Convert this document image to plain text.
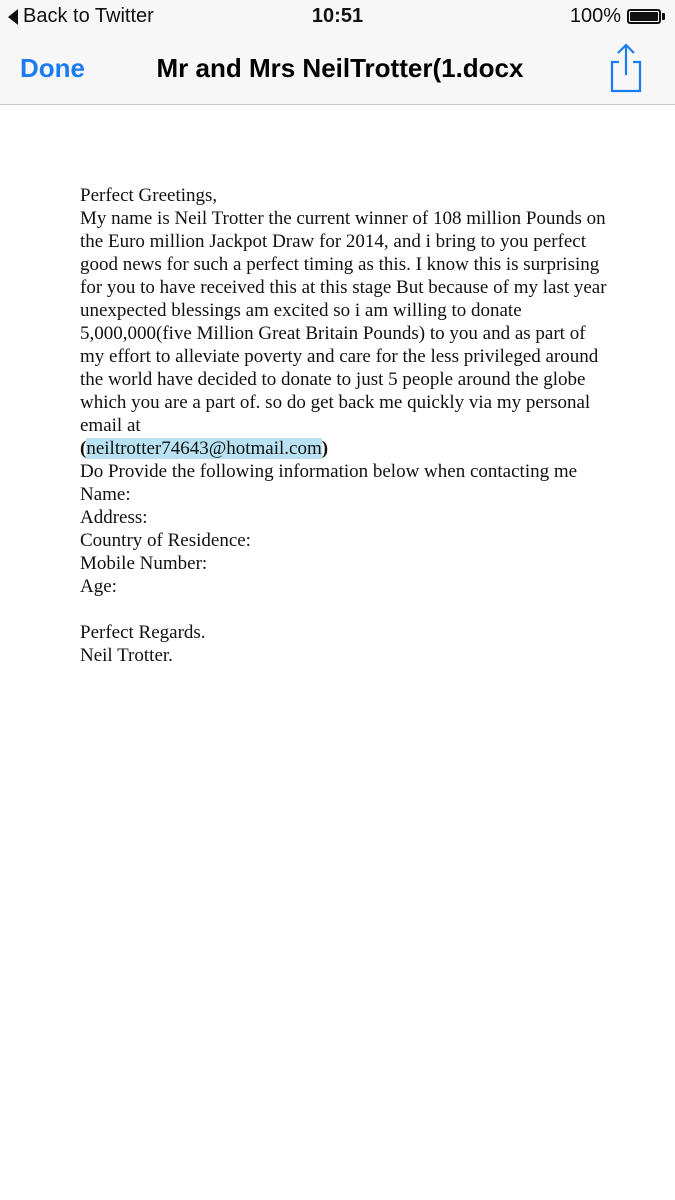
Back to Twitter	10:51	100%
Done	Mr and Mrs NeilTrotter(1.docx

Perfect Greetings,

My name is Neil Trotter the current winner of 108 million Pounds on the Euro million Jackpot Draw for 2014, and i bring to you perfect good news for such a perfect timing as this. I know this is surprising for you to have received this at this stage But because of my last year unexpected blessings am excited so i am willing to donate 5,000,000(five Million Great Britain Pounds) to you and as part of my effort to alleviate poverty and care for the less privileged around the world have decided to donate to just 5 people around the globe which you are a part of. so do get back me quickly via my personal email at

(neiltrotter74643@hotmail.com)

Do Provide the following information below when contacting me

Name:

Address:

Country of Residence:

Mobile Number:

Age:

Perfect Regards.

Neil Trotter.
